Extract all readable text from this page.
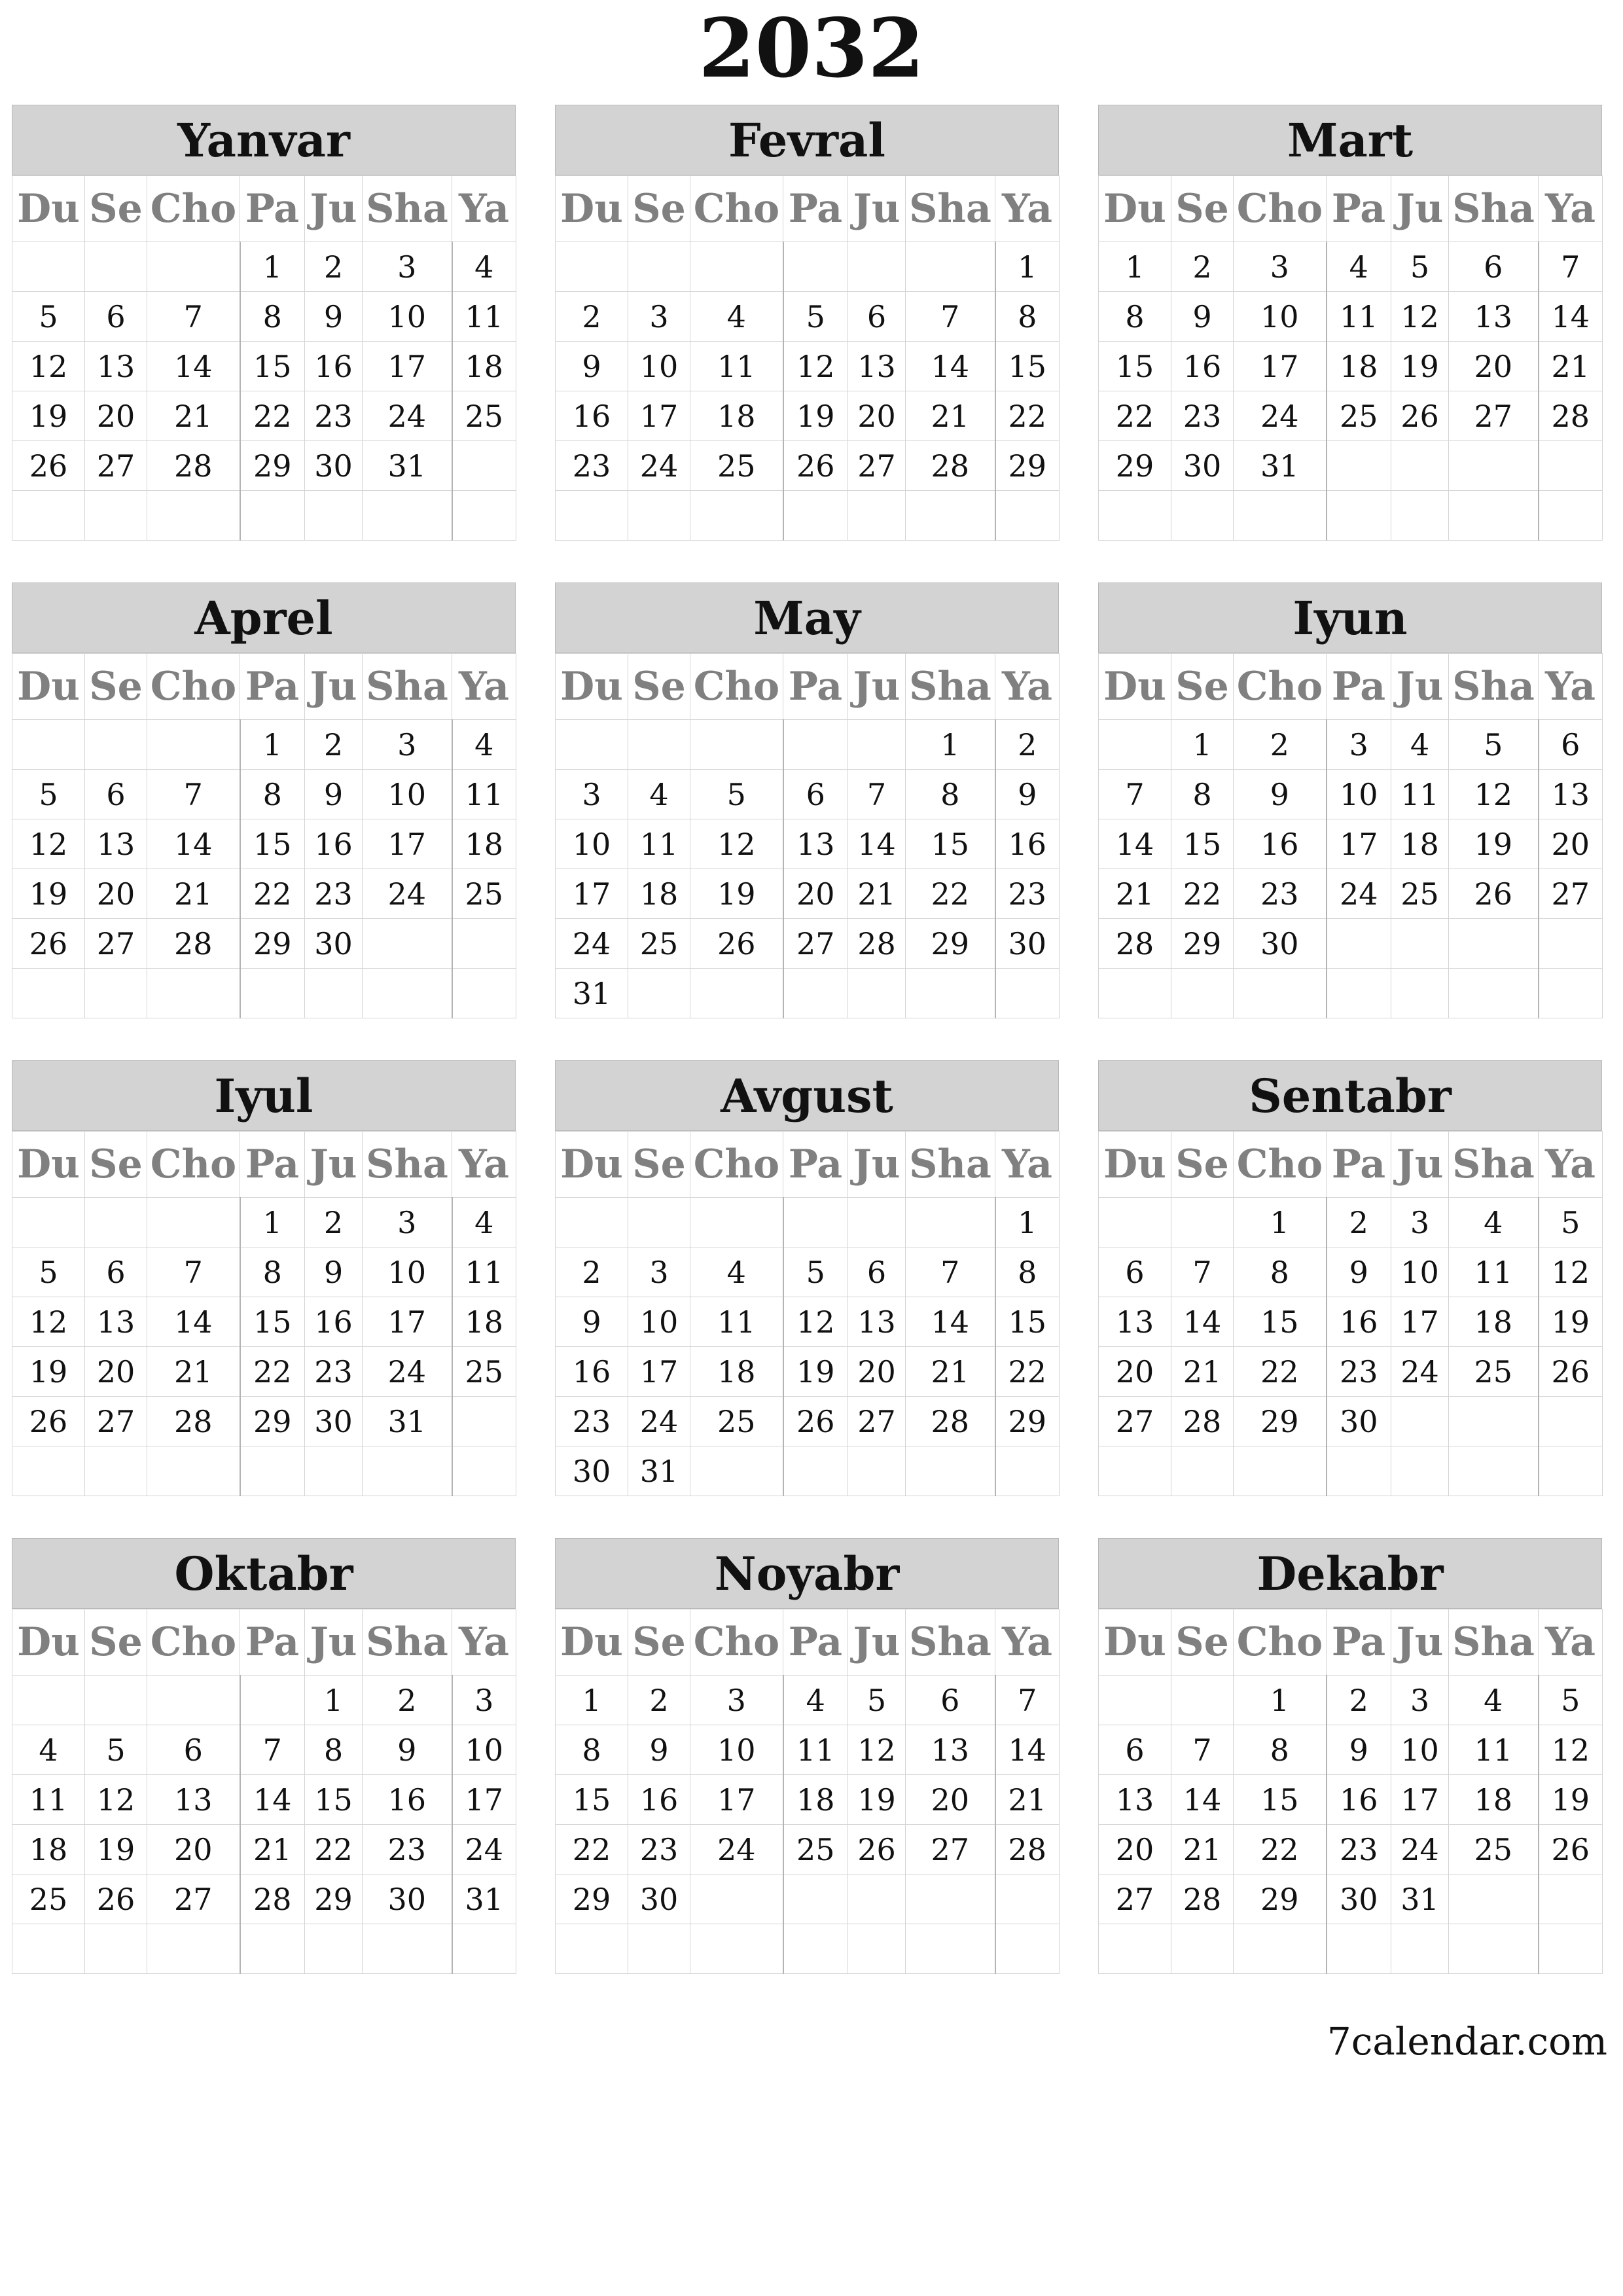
2032
Yanvar
Du	Se	Cho	Pa	Ju	Sha	Ya
			1	2	3	4
5	6	7	8	9	10	11
12	13	14	15	16	17	18
19	20	21	22	23	24	25
26	27	28	29	30	31	

Fevral
Du	Se	Cho	Pa	Ju	Sha	Ya
						1
2	3	4	5	6	7	8
9	10	11	12	13	14	15
16	17	18	19	20	21	22
23	24	25	26	27	28	29

Mart
Du	Se	Cho	Pa	Ju	Sha	Ya
1	2	3	4	5	6	7
8	9	10	11	12	13	14
15	16	17	18	19	20	21
22	23	24	25	26	27	28
29	30	31				

Aprel
Du	Se	Cho	Pa	Ju	Sha	Ya
			1	2	3	4
5	6	7	8	9	10	11
12	13	14	15	16	17	18
19	20	21	22	23	24	25
26	27	28	29	30		

May
Du	Se	Cho	Pa	Ju	Sha	Ya
					1	2
3	4	5	6	7	8	9
10	11	12	13	14	15	16
17	18	19	20	21	22	23
24	25	26	27	28	29	30
31						
Iyun
Du	Se	Cho	Pa	Ju	Sha	Ya
	1	2	3	4	5	6
7	8	9	10	11	12	13
14	15	16	17	18	19	20
21	22	23	24	25	26	27
28	29	30				

Iyul
Du	Se	Cho	Pa	Ju	Sha	Ya
			1	2	3	4
5	6	7	8	9	10	11
12	13	14	15	16	17	18
19	20	21	22	23	24	25
26	27	28	29	30	31	

Avgust
Du	Se	Cho	Pa	Ju	Sha	Ya
						1
2	3	4	5	6	7	8
9	10	11	12	13	14	15
16	17	18	19	20	21	22
23	24	25	26	27	28	29
30	31					
Sentabr
Du	Se	Cho	Pa	Ju	Sha	Ya
		1	2	3	4	5
6	7	8	9	10	11	12
13	14	15	16	17	18	19
20	21	22	23	24	25	26
27	28	29	30			

Oktabr
Du	Se	Cho	Pa	Ju	Sha	Ya
				1	2	3
4	5	6	7	8	9	10
11	12	13	14	15	16	17
18	19	20	21	22	23	24
25	26	27	28	29	30	31

Noyabr
Du	Se	Cho	Pa	Ju	Sha	Ya
1	2	3	4	5	6	7
8	9	10	11	12	13	14
15	16	17	18	19	20	21
22	23	24	25	26	27	28
29	30					

Dekabr
Du	Se	Cho	Pa	Ju	Sha	Ya
		1	2	3	4	5
6	7	8	9	10	11	12
13	14	15	16	17	18	19
20	21	22	23	24	25	26
27	28	29	30	31		

7calendar.com
